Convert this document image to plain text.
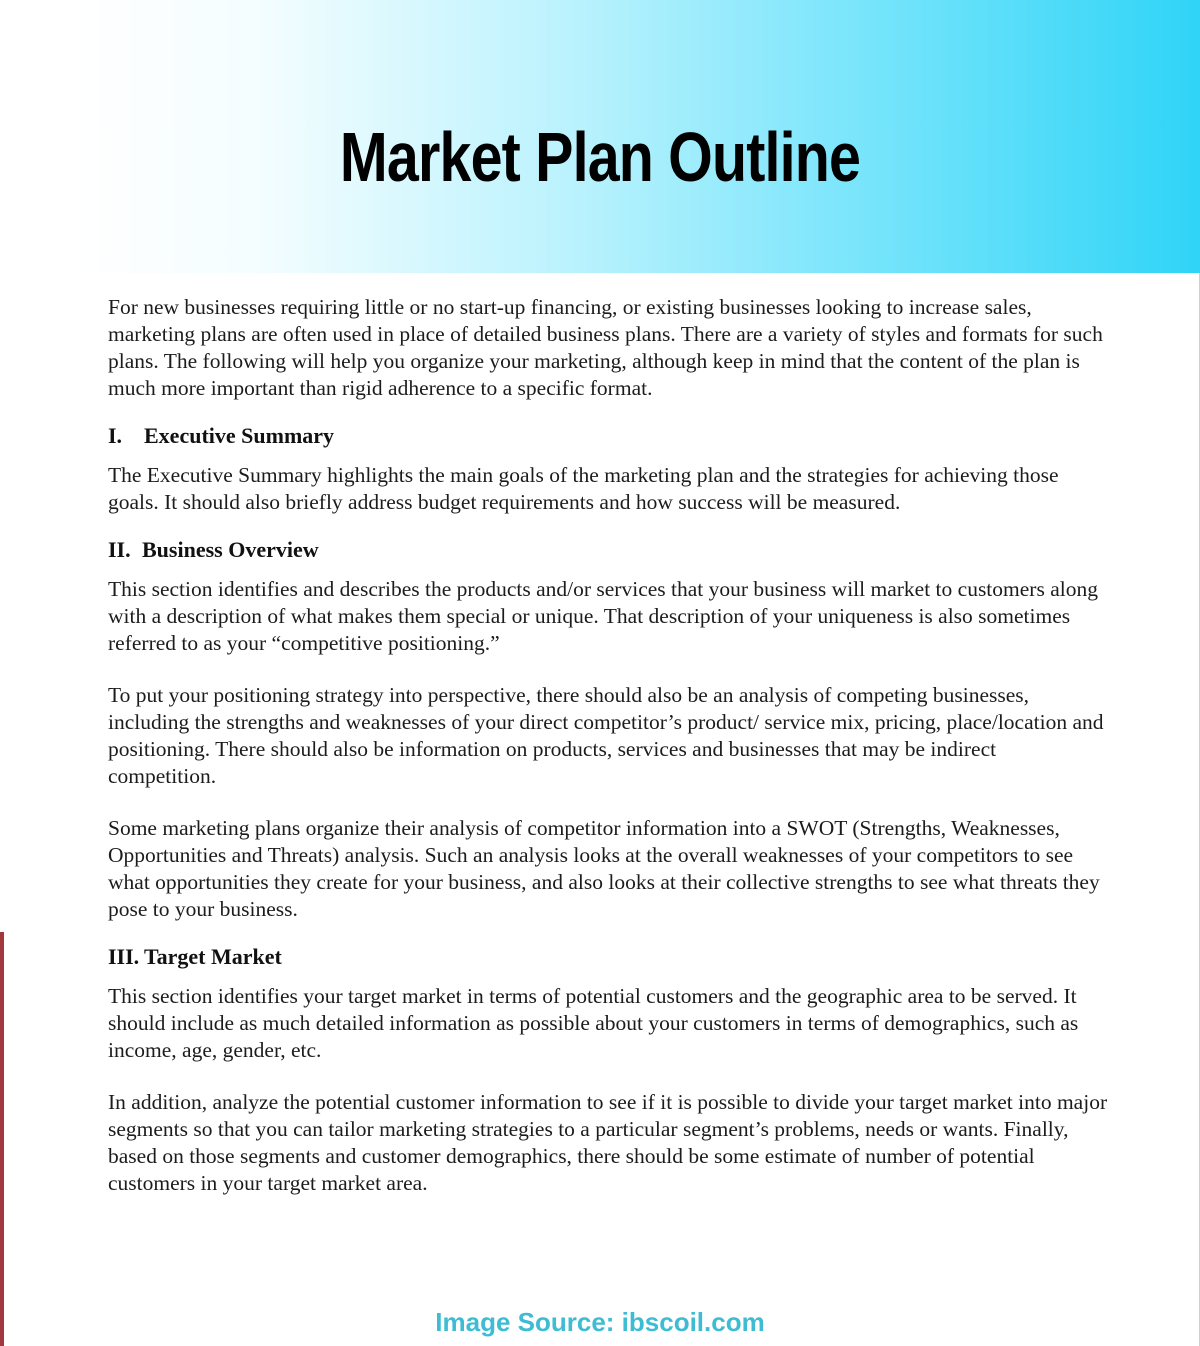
Market Plan Outline

For new businesses requiring little or no start-up financing, or existing businesses looking to increase sales, marketing plans are often used in place of detailed business plans. There are a variety of styles and formats for such plans. The following will help you organize your marketing, although keep in mind that the content of the plan is much more important than rigid adherence to a specific format.

I. Executive Summary

The Executive Summary highlights the main goals of the marketing plan and the strategies for achieving those goals. It should also briefly address budget requirements and how success will be measured.

II. Business Overview

This section identifies and describes the products and/or services that your business will market to customers along with a description of what makes them special or unique. That description of your uniqueness is also sometimes referred to as your “competitive positioning.”

To put your positioning strategy into perspective, there should also be an analysis of competing businesses, including the strengths and weaknesses of your direct competitor’s product/ service mix, pricing, place/location and positioning. There should also be information on products, services and businesses that may be indirect competition.

Some marketing plans organize their analysis of competitor information into a SWOT (Strengths, Weaknesses, Opportunities and Threats) analysis. Such an analysis looks at the overall weaknesses of your competitors to see what opportunities they create for your business, and also looks at their collective strengths to see what threats they pose to your business.

III. Target Market

This section identifies your target market in terms of potential customers and the geographic area to be served. It should include as much detailed information as possible about your customers in terms of demographics, such as income, age, gender, etc.

In addition, analyze the potential customer information to see if it is possible to divide your target market into major segments so that you can tailor marketing strategies to a particular segment’s problems, needs or wants. Finally, based on those segments and customer demographics, there should be some estimate of number of potential customers in your target market area.

Image Source: ibscoil.com
